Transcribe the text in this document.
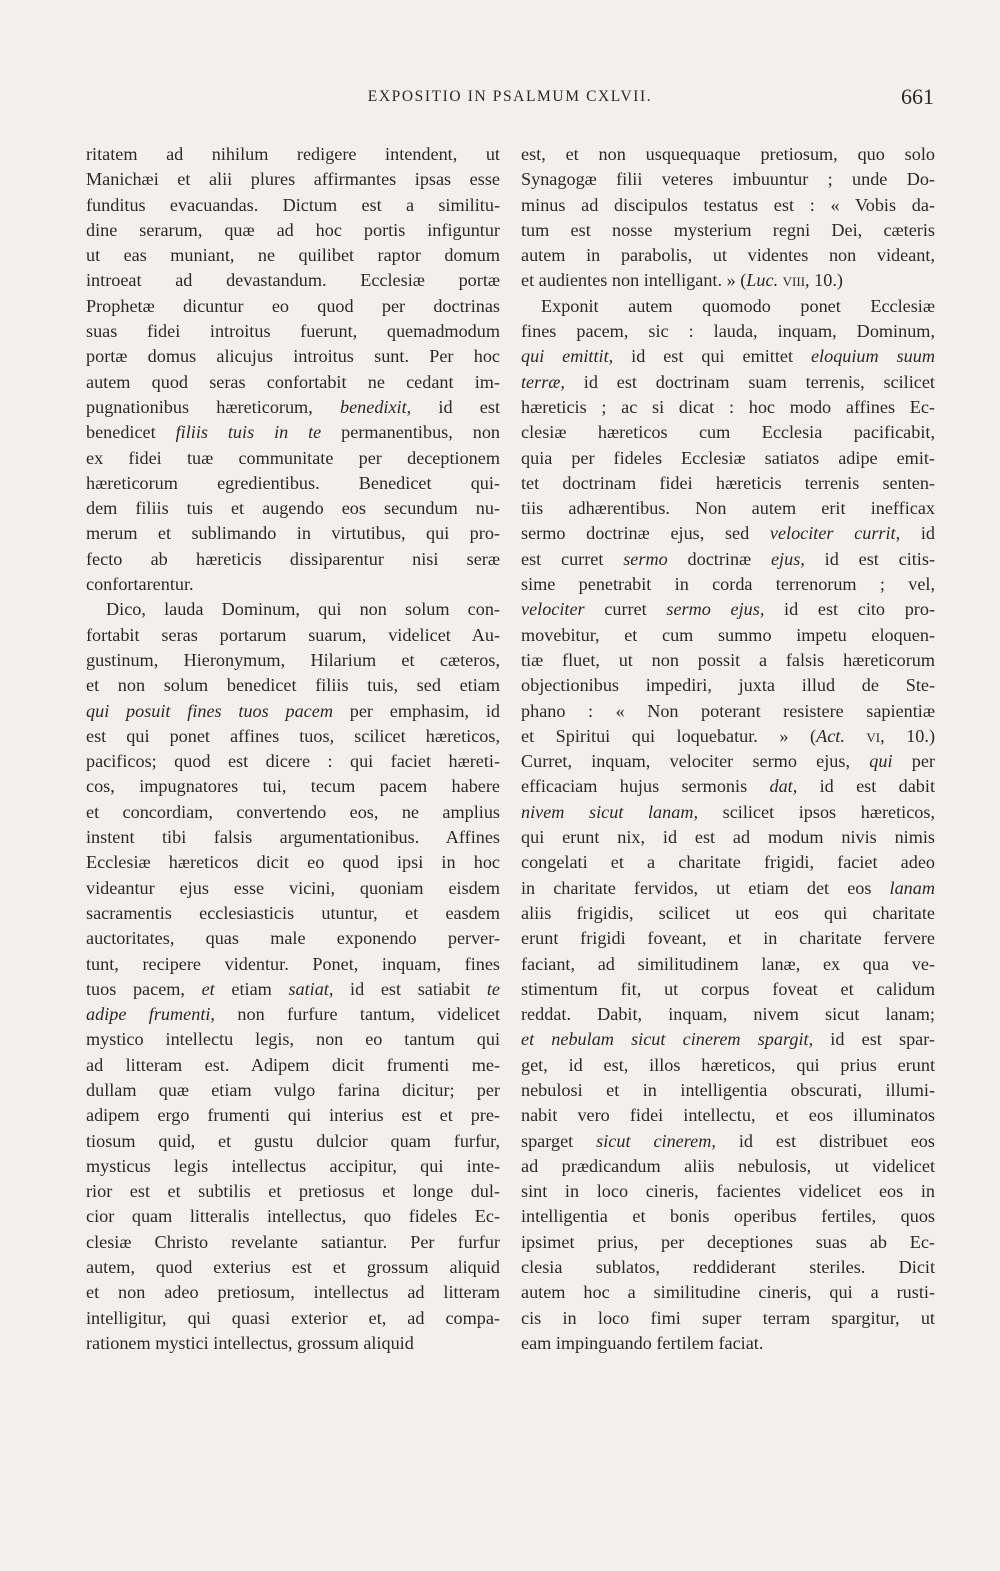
EXPOSITIO IN PSALMUM CXLVII.	661
ritatem ad nihilum redigere intendent, ut
Manichæi et alii plures affirmantes ipsas esse
funditus evacuandas. Dictum est a similitu-
dine serarum, quæ ad hoc portis infiguntur
ut eas muniant, ne quilibet raptor domum
introeat ad devastandum. Ecclesiæ portæ
Prophetæ dicuntur eo quod per doctrinas
suas fidei introitus fuerunt, quemadmodum
portæ domus alicujus introitus sunt. Per hoc
autem quod seras confortabit ne cedant im-
pugnationibus hæreticorum, benedixit, id est
benedicet filiis tuis in te permanentibus, non
ex fidei tuæ communitate per deceptionem
hæreticorum egredientibus. Benedicet qui-
dem filiis tuis et augendo eos secundum nu-
merum et sublimando in virtutibus, qui pro-
fecto ab hæreticis dissiparentur nisi seræ
confortarentur.
Dico, lauda Dominum, qui non solum con-
fortabit seras portarum suarum, videlicet Au-
gustinum, Hieronymum, Hilarium et cæteros,
et non solum benedicet filiis tuis, sed etiam
qui posuit fines tuos pacem per emphasim, id
est qui ponet affines tuos, scilicet hæreticos,
pacificos; quod est dicere : qui faciet hæreti-
cos, impugnatores tui, tecum pacem habere
et concordiam, convertendo eos, ne amplius
instent tibi falsis argumentationibus. Affines
Ecclesiæ hæreticos dicit eo quod ipsi in hoc
videantur ejus esse vicini, quoniam eisdem
sacramentis ecclesiasticis utuntur, et easdem
auctoritates, quas male exponendo perver-
tunt, recipere videntur. Ponet, inquam, fines
tuos pacem, et etiam satiat, id est satiabit te
adipe frumenti, non furfure tantum, videlicet
mystico intellectu legis, non eo tantum qui
ad litteram est. Adipem dicit frumenti me-
dullam quæ etiam vulgo farina dicitur; per
adipem ergo frumenti qui interius est et pre-
tiosum quid, et gustu dulcior quam furfur,
mysticus legis intellectus accipitur, qui inte-
rior est et subtilis et pretiosus et longe dul-
cior quam litteralis intellectus, quo fideles Ec-
clesiæ Christo revelante satiantur. Per furfur
autem, quod exterius est et grossum aliquid
et non adeo pretiosum, intellectus ad litteram
intelligitur, qui quasi exterior et, ad compa-
rationem mystici intellectus, grossum aliquid
est, et non usquequaque pretiosum, quo solo
Synagogæ filii veteres imbuuntur ; unde Do-
minus ad discipulos testatus est : « Vobis da-
tum est nosse mysterium regni Dei, cæteris
autem in parabolis, ut videntes non videant,
et audientes non intelligant. » (Luc. viii, 10.)
Exponit autem quomodo ponet Ecclesiæ
fines pacem, sic : lauda, inquam, Dominum,
qui emittit, id est qui emittet eloquium suum
terræ, id est doctrinam suam terrenis, scilicet
hæreticis ; ac si dicat : hoc modo affines Ec-
clesiæ hæreticos cum Ecclesia pacificabit,
quia per fideles Ecclesiæ satiatos adipe emit-
tet doctrinam fidei hæreticis terrenis senten-
tiis adhærentibus. Non autem erit inefficax
sermo doctrinæ ejus, sed velociter currit, id
est curret sermo doctrinæ ejus, id est citis-
sime penetrabit in corda terrenorum ; vel,
velociter curret sermo ejus, id est cito pro-
movebitur, et cum summo impetu eloquen-
tiæ fluet, ut non possit a falsis hæreticorum
objectionibus impediri, juxta illud de Ste-
phano : « Non poterant resistere sapientiæ
et Spiritui qui loquebatur. » (Act. vi, 10.)
Curret, inquam, velociter sermo ejus, qui per
efficaciam hujus sermonis dat, id est dabit
nivem sicut lanam, scilicet ipsos hæreticos,
qui erunt nix, id est ad modum nivis nimis
congelati et a charitate frigidi, faciet adeo
in charitate fervidos, ut etiam det eos lanam
aliis frigidis, scilicet ut eos qui charitate
erunt frigidi foveant, et in charitate fervere
faciant, ad similitudinem lanæ, ex qua ve-
stimentum fit, ut corpus foveat et calidum
reddat. Dabit, inquam, nivem sicut lanam;
et nebulam sicut cinerem spargit, id est spar-
get, id est, illos hæreticos, qui prius erunt
nebulosi et in intelligentia obscurati, illumi-
nabit vero fidei intellectu, et eos illuminatos
sparget sicut cinerem, id est distribuet eos
ad prædicandum aliis nebulosis, ut videlicet
sint in loco cineris, facientes videlicet eos in
intelligentia et bonis operibus fertiles, quos
ipsimet prius, per deceptiones suas ab Ec-
clesia sublatos, reddiderant steriles. Dicit
autem hoc a similitudine cineris, qui a rusti-
cis in loco fimi super terram spargitur, ut
eam impinguando fertilem faciat.
